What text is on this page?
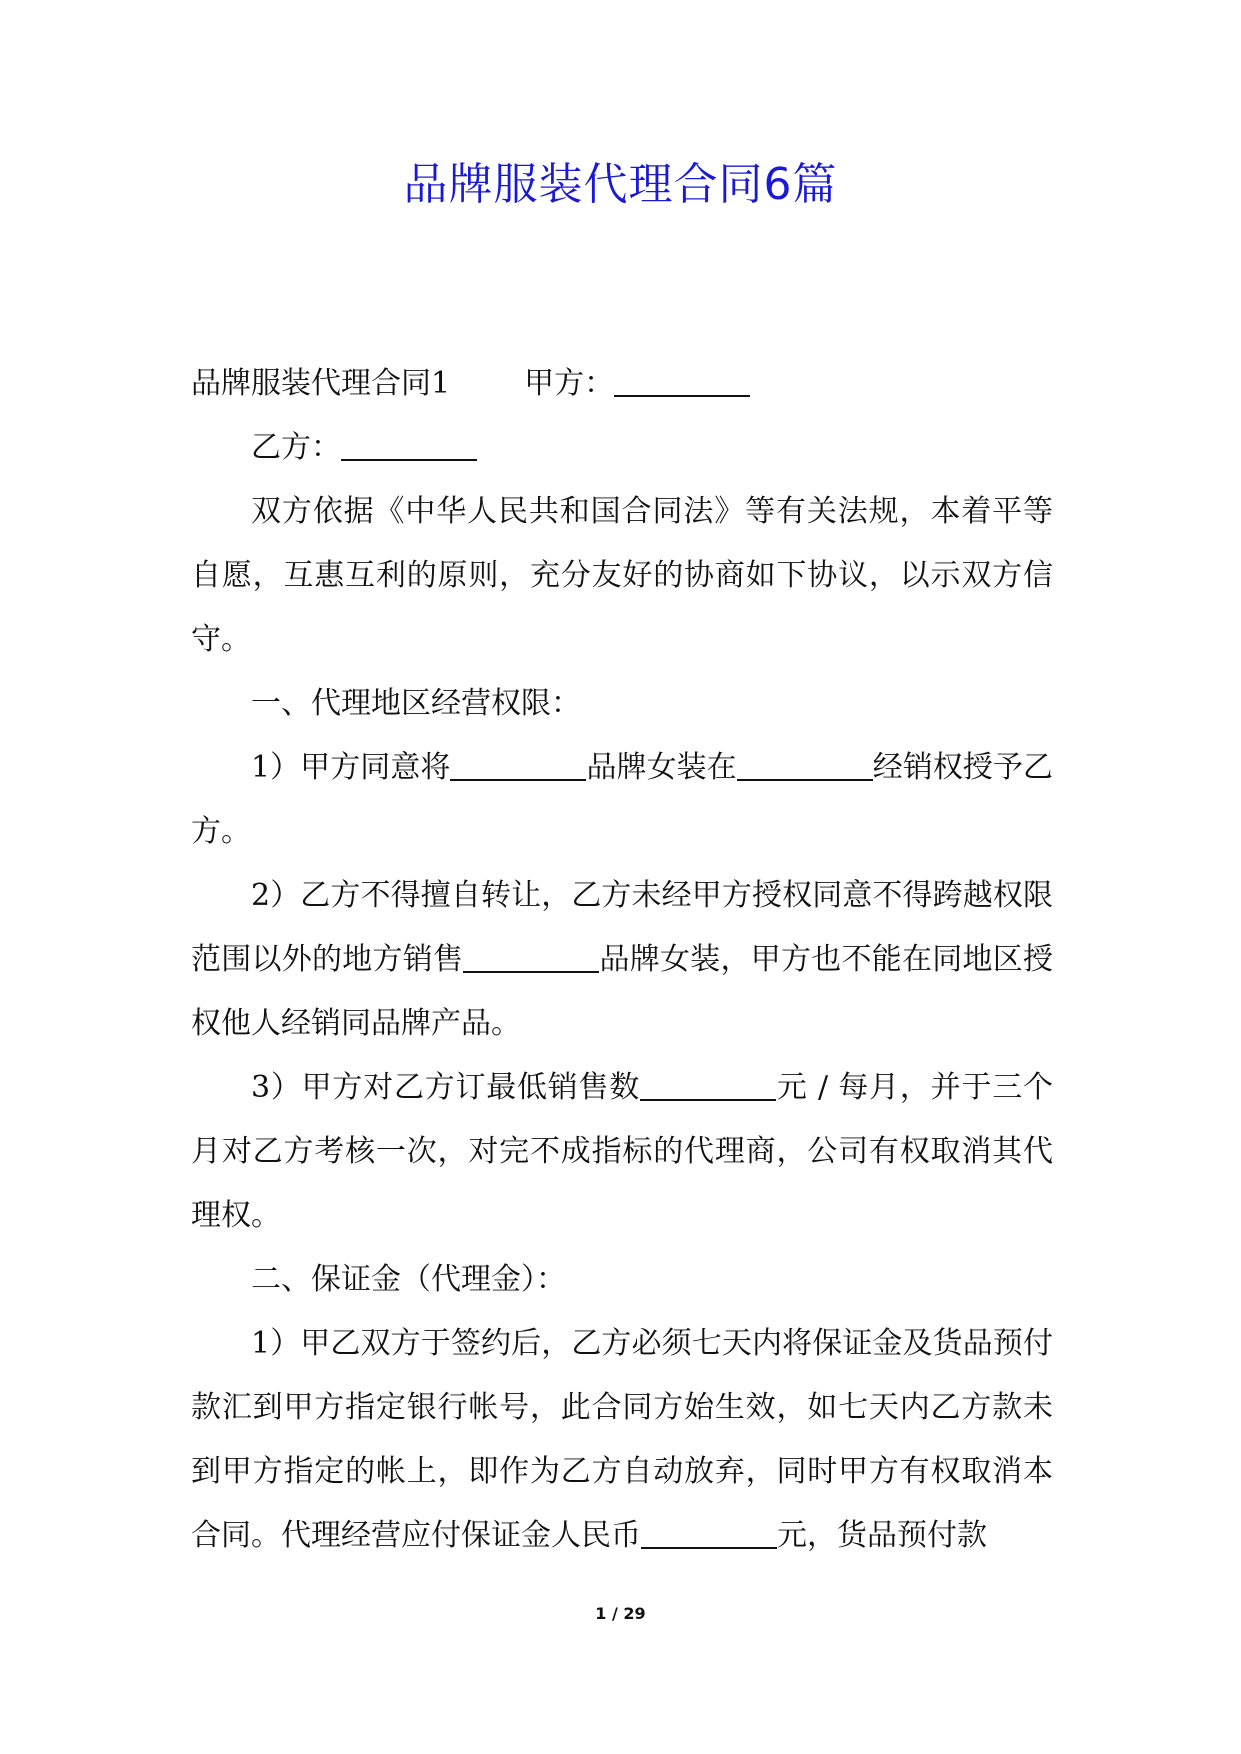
品牌服装代理合同6篇
品牌服装代理合同1 甲方：

乙方：

双方依据《中华人民共和国合同法》等有关法规，本着平等自愿，互惠互利的原则，充分友好的协商如下协议，以示双方信守。

一、代理地区经营权限：

1）甲方同意将	品牌女装在	经销权授予乙方。

2）乙方不得擅自转让，乙方未经甲方授权同意不得跨越权限范围以外的地方销售	品牌女装，甲方也不能在同地区授权他人经销同品牌产品。

3）甲方对乙方订最低销售数	元 / 每月，并于三个月对乙方考核一次，对完不成指标的代理商，公司有权取消其代理权。

二、保证金（代理金）：

1）甲乙双方于签约后，乙方必须七天内将保证金及货品预付款汇到甲方指定银行帐号，此合同方始生效，如七天内乙方款未到甲方指定的帐上，即作为乙方自动放弃，同时甲方有权取消本合同。代理经营应付保证金人民币	元，货品预付款

1 / 29
